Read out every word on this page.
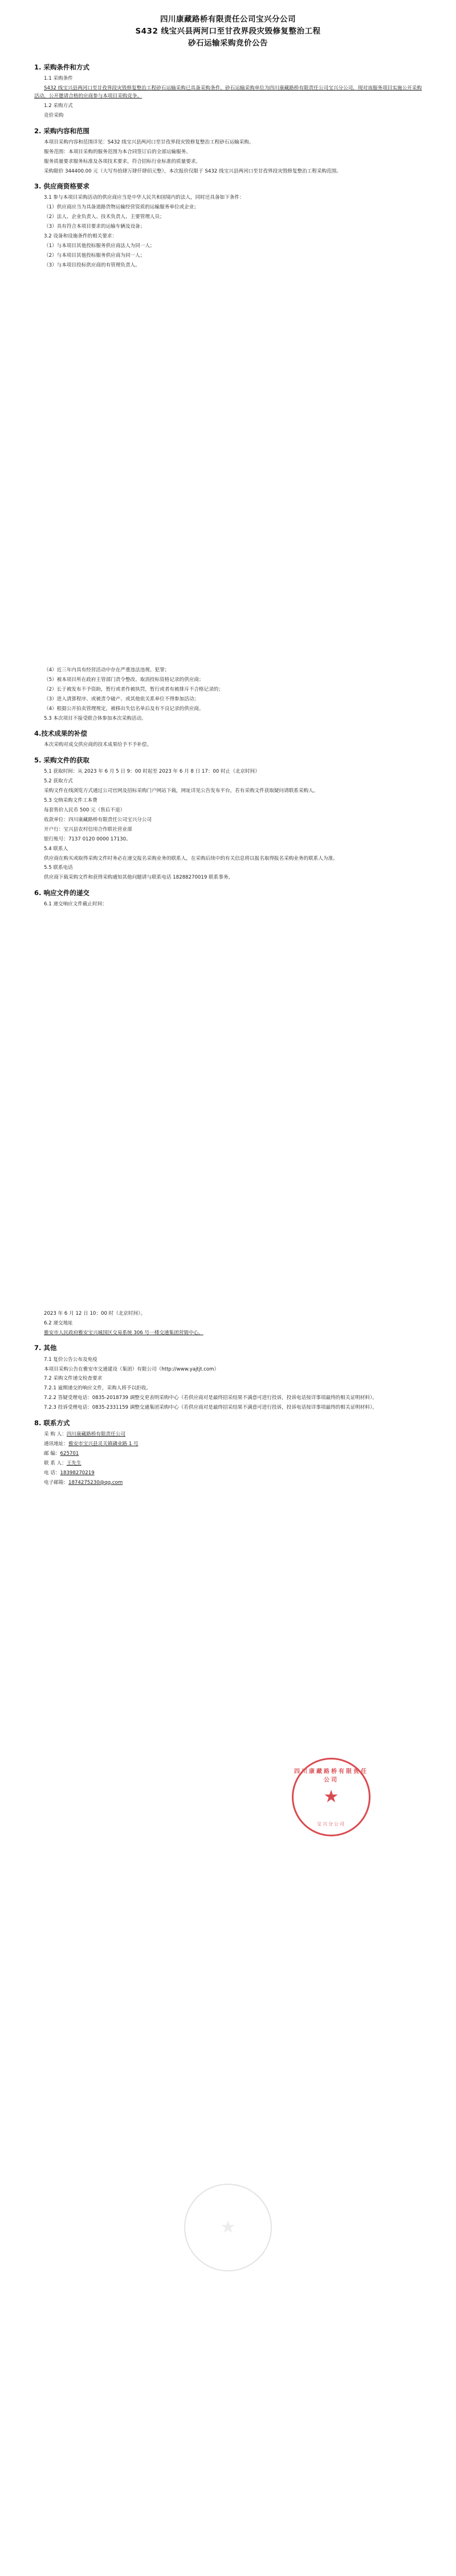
四川康藏路桥有限责任公司宝兴分公司
S432 线宝兴县两河口至甘孜界段灾毁修复整治工程
砂石运输采购竞价公告
1. 采购条件和方式

1.1 采购条件

S432 线宝兴县两河口至甘孜界段灾毁修复整治工程砂石运输采购已具备采购条件，砂石运输采购单位为四川康藏路桥有限责任公司宝兴分公司，现对该服务项目实施公开采购活动，公开邀请合格的应商参与本项目采购竞争。

1.2 采购方式

竞价采购

2. 采购内容和范围

本项目采购内容和范围详见：S432 线宝兴县两河口至甘孜界段灾毁修复整治工程砂石运输采购。

服务范围：本项目采购的服务范围为本合同签订后的全部运输服务。

服务质量要求服务标准及各项技术要求，符合招标行业标准的质量要求。

采购限价 344400.00 元（大写叁拾肆万肆仟肆佰元整），本次报价仅限于 S432 线宝兴县两河口至甘孜界段灾毁修复整治工程采购范围。

3. 供应商资格要求

3.1 参与本项目采购活动的供应商应当是中华人民共和国境内的法人，同时还具备如下条件：

（1）供应商应当为具备道路货物运输经营资质的运输服务单位或企业；

（2）法人、企业负责人、技术负责人、主要管理人员；

（3）具有符合本项目要求的运输车辆及设备；

3.2 设备和设施条件的相关要求：

（1）与本项目其他投标服务供应商法人为同一人；

（2）与本项目其他投标服务供应商为同一人；

（3）与本项目投标供应商的有管理负责人。

（4）近三年内具有经营活动中存在严重违法违规、犯罪；

（5）被本项目所在政府主管部门责令整改、取消投标资格记录的供应商；

（2）长于被发布不予资助，暂行或者作被执罚，暂行或者有被排斥不合格记录的；

（3）进入清算程序、或被责令破产、或其他依关系单位不得参加活动；

（4）根据公开拍卖管理规定，被移出失信名单后及有不良记录的供应商。

5.3 本次项目不接受联合体参加本次采购活动。

4.技术成果的补偿

本次采购对成交供应商的技术成果给予不予补偿。

5. 采购文件的获取

5.1 获取时间：从 2023 年 6 月 5 日 9：00 时起至 2023 年 6 月 8 日 17：00 时止（北京时间）

5.2 获取方式

采购文件在线浏览方式通过公司官网及招标采购门户网站下载，网址详见公告发布平台，若有采购文件获取疑问请联系采购人。

5.3 交纳采购文件工本费

每套售价人民币 500 元（售后不退）

收款单位：四川康藏路桥有限责任公司宝兴分公司

开户行：宝兴县农村信用合作联社营业部

银行账号：7137 0120 0000 17130。

5.4 联系人

供应商在购买或取得采购文件时务必在递交报名采购业务的联系人，在采购后续中的有关信息将以报名取得报名采购业务的联系人为准。

5.5 联系电话

供应商下载采购文件和获得采购通知其他问题请与联系电话 18288270019 联系事务。

6. 响应文件的递交

6.1 递交响应文件截止时间：

2023 年 6 月 12 日 10：00 时（北京时间）。

6.2 递交地址

雅安市人民政府雅安宝兴城国区交易系统 306 号一楼交通集团营销中心。

7. 其他

7.1 复价公告公布及免疫

本项目采购公告在雅安市交通建设（集团）有限公司（http://www.yajtjt.com）

7.2 采购文件递交检查要求

7.2.1 逾期递交的响应文件，采购人将予以拒收。

7.2.2 答疑受理电话：0835-2018739 调整交更表明采购中心（若供应商对是最终招采结果不满意可进行投诉，投诉电话按详事项最终的相关证明材料）。

7.2.3 投诉受理电话：0835-2331159 调整交通集团采购中心（若供应商对是最终招采结果不满意可进行投诉，投诉电话按详事项最终的相关证明材料）。

8. 联系方式

采 购 人：四川康藏路桥有限责任公司

通讯地址：雅安市宝兴县灵关镇磷业路 1 号

邮 编：625701

联 系 人：王先生

电 话：18398270219

电子邮箱：1874275230@qq.com

四川康藏路桥有限责任公司
★
宝兴分公司
★
